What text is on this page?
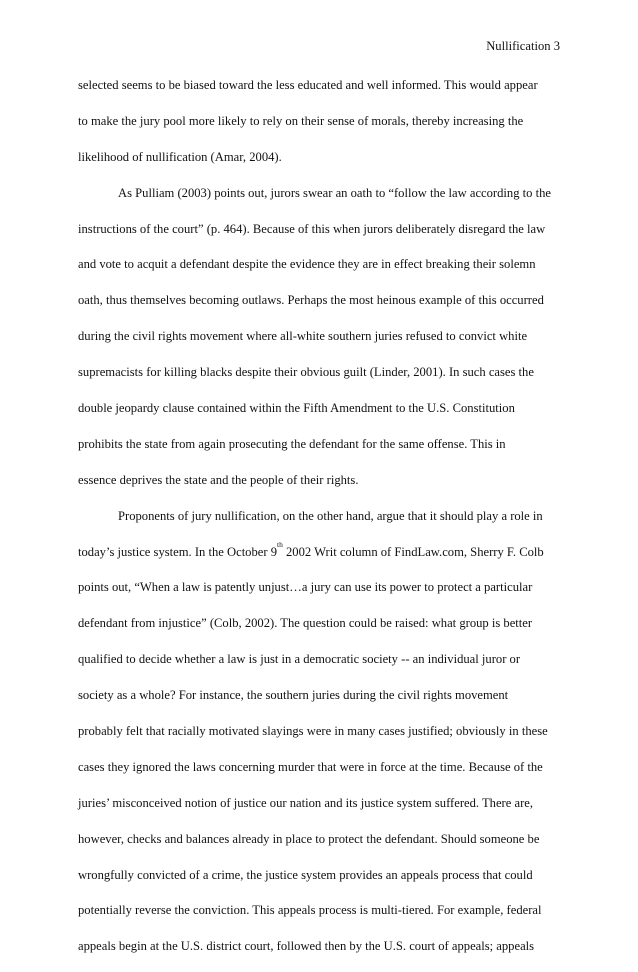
Nullification 3
selected seems to be biased toward the less educated and well informed. This would appear
to make the jury pool more likely to rely on their sense of morals, thereby increasing the
likelihood of nullification (Amar, 2004).
As Pulliam (2003) points out, jurors swear an oath to “follow the law according to the
instructions of the court” (p. 464). Because of this when jurors deliberately disregard the law
and vote to acquit a defendant despite the evidence they are in effect breaking their solemn
oath, thus themselves becoming outlaws. Perhaps the most heinous example of this occurred
during the civil rights movement where all-white southern juries refused to convict white
supremacists for killing blacks despite their obvious guilt (Linder, 2001). In such cases the
double jeopardy clause contained within the Fifth Amendment to the U.S. Constitution
prohibits the state from again prosecuting the defendant for the same offense. This in
essence deprives the state and the people of their rights.
Proponents of jury nullification, on the other hand, argue that it should play a role in
today’s justice system. In the October 9th 2002 Writ column of FindLaw.com, Sherry F. Colb
points out, “When a law is patently unjust…a jury can use its power to protect a particular
defendant from injustice” (Colb, 2002). The question could be raised: what group is better
qualified to decide whether a law is just in a democratic society -- an individual juror or
society as a whole? For instance, the southern juries during the civil rights movement
probably felt that racially motivated slayings were in many cases justified; obviously in these
cases they ignored the laws concerning murder that were in force at the time. Because of the
juries’ misconceived notion of justice our nation and its justice system suffered. There are,
however, checks and balances already in place to protect the defendant. Should someone be
wrongfully convicted of a crime, the justice system provides an appeals process that could
potentially reverse the conviction. This appeals process is multi-tiered. For example, federal
appeals begin at the U.S. district court, followed then by the U.S. court of appeals; appeals
